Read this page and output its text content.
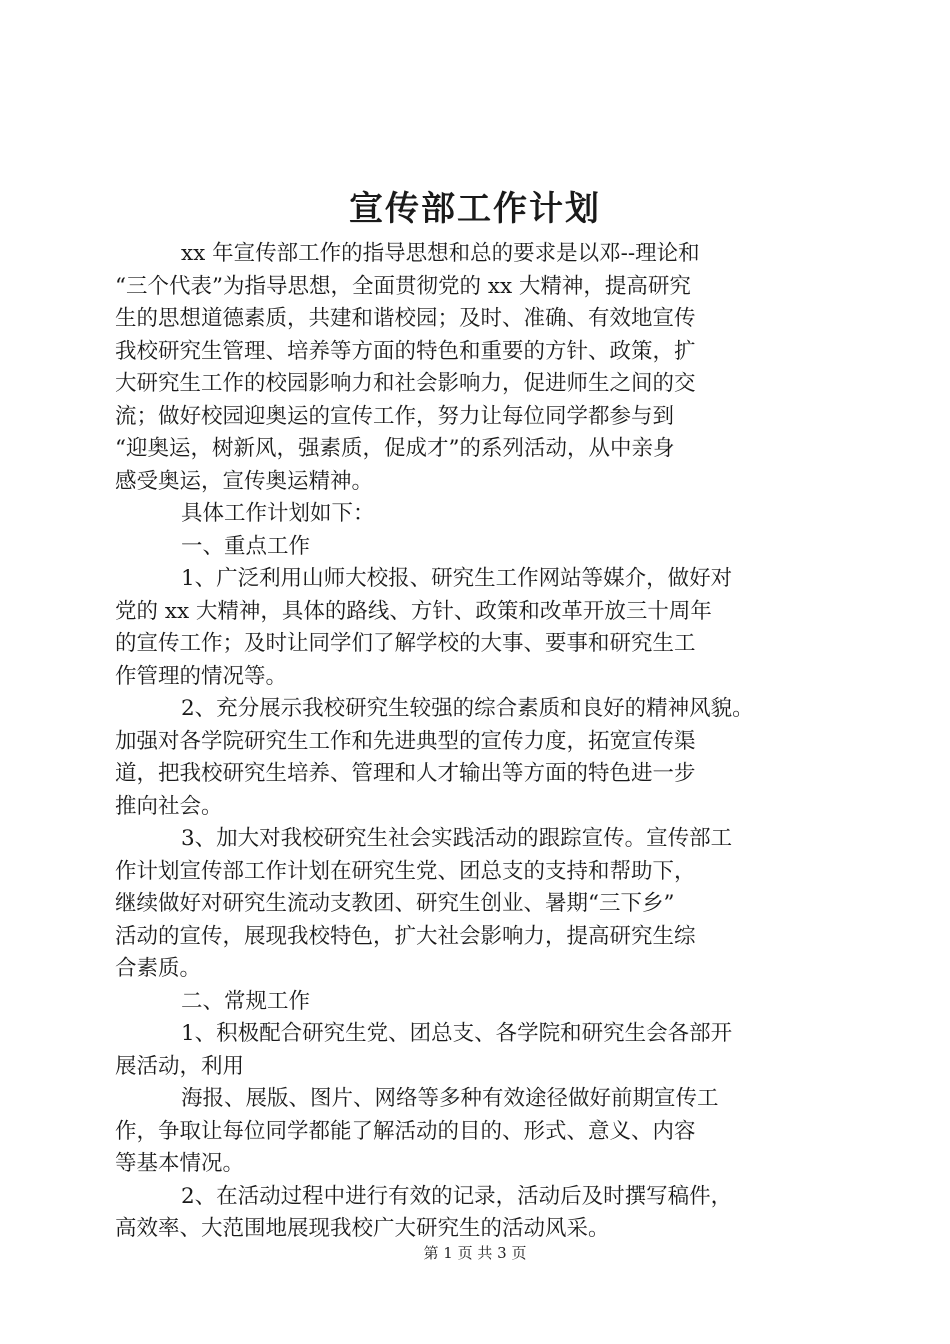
宣传部工作计划
xx 年宣传部工作的指导思想和总的要求是以邓--理论和
“三个代表”为指导思想，全面贯彻党的 xx 大精神，提高研究
生的思想道德素质，共建和谐校园；及时、准确、有效地宣传
我校研究生管理、培养等方面的特色和重要的方针、政策，扩
大研究生工作的校园影响力和社会影响力，促进师生之间的交
流；做好校园迎奥运的宣传工作，努力让每位同学都参与到
“迎奥运，树新风，强素质，促成才”的系列活动，从中亲身
感受奥运，宣传奥运精神。
具体工作计划如下：
一、重点工作
1、广泛利用山师大校报、研究生工作网站等媒介，做好对
党的 xx 大精神，具体的路线、方针、政策和改革开放三十周年
的宣传工作；及时让同学们了解学校的大事、要事和研究生工
作管理的情况等。
2、充分展示我校研究生较强的综合素质和良好的精神风貌。
加强对各学院研究生工作和先进典型的宣传力度，拓宽宣传渠
道，把我校研究生培养、管理和人才输出等方面的特色进一步
推向社会。
3、加大对我校研究生社会实践活动的跟踪宣传。宣传部工
作计划宣传部工作计划在研究生党、团总支的支持和帮助下，
继续做好对研究生流动支教团、研究生创业、暑期“三下乡”
活动的宣传，展现我校特色，扩大社会影响力，提高研究生综
合素质。
二、常规工作
1、积极配合研究生党、团总支、各学院和研究生会各部开
展活动，利用
海报、展版、图片、网络等多种有效途径做好前期宣传工
作，争取让每位同学都能了解活动的目的、形式、意义、内容
等基本情况。
2、在活动过程中进行有效的记录，活动后及时撰写稿件，
高效率、大范围地展现我校广大研究生的活动风采。
第 1 页 共 3 页
